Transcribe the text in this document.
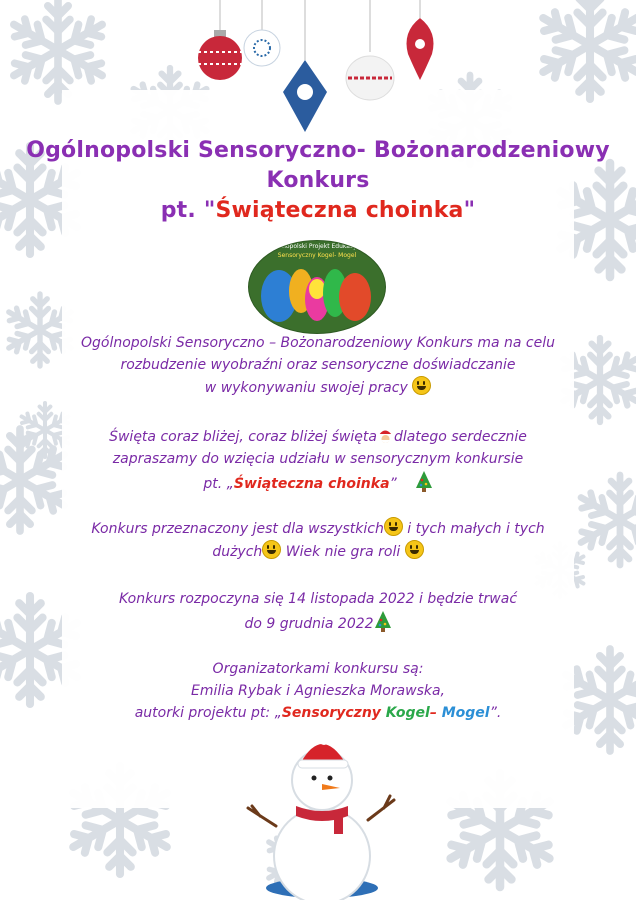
Ogólnopolski Sensoryczno- Bożonarodzeniowy
Konkurs
pt. "Świąteczna choinka"
Ogólnopolski Projekt Edukacyjny
Sensoryczny Kogel- Mogel
Ogólnopolski Sensoryczno – Bożonarodzeniowy Konkurs ma na celu
rozbudzenie wyobraźni oraz sensoryczne doświadczanie
w wykonywaniu swojej pracy
Święta coraz bliżej, coraz bliżej święta dlatego serdecznie
zapraszamy do wzięcia udziału w sensorycznym konkursie
pt. „Świąteczna choinka”
Konkurs przeznaczony jest dla wszystkich i tych małych i tych
dużych Wiek nie gra roli
Konkurs rozpoczyna się 14 listopada 2022 i będzie trwać
do 9 grudnia 2022
Organizatorkami konkursu są:
Emilia Rybak i Agnieszka Morawska,
autorki projektu pt: „Sensoryczny Kogel– Mogel”.
